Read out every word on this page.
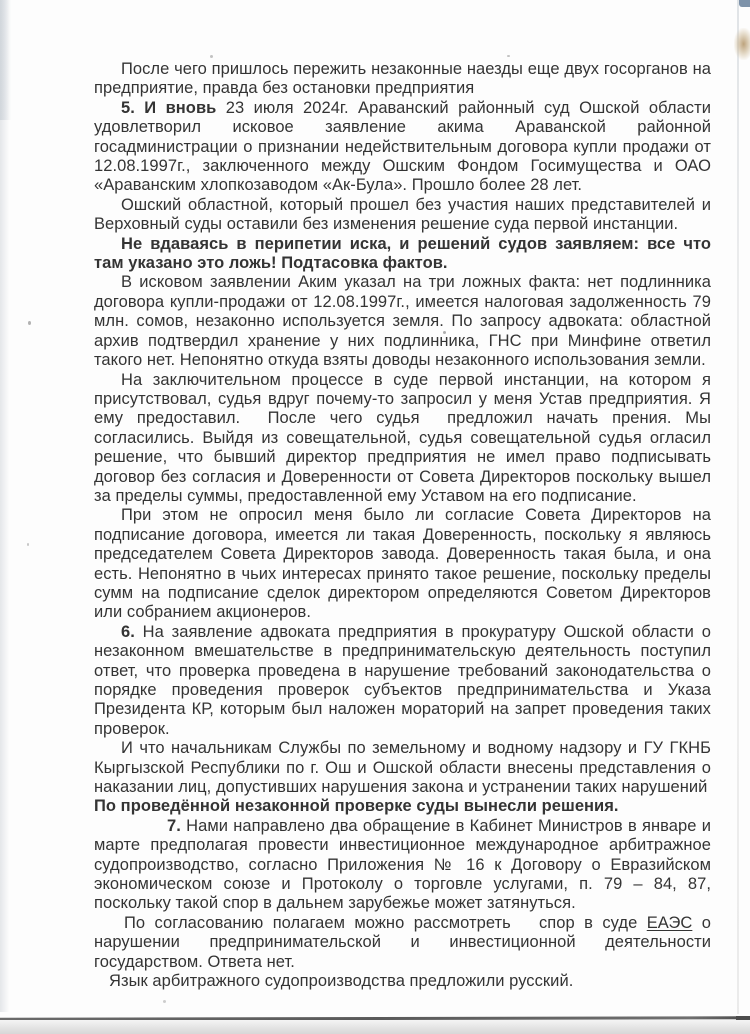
После чего пришлось пережить незаконные наезды еще двух госорганов на предприятие, правда без остановки предприятия

5. И вновь 23 июля 2024г. Араванский районный суд Ошской области удовлетворил исковое заявление акима Араванской районной госадминистрации о признании недействительным договора купли продажи от 12.08.1997г., заключенного между Ошским Фондом Госимущества и ОАО «Араванским хлопкозаводом «Ак-Була». Прошло более 28 лет.

Ошский областной, который прошел без участия наших представителей и Верховный суды оставили без изменения решение суда первой инстанции.

Не вдаваясь в перипетии иска, и решений судов заявляем: все что там указано это ложь! Подтасовка фактов.

В исковом заявлении Аким указал на три ложных факта: нет подлинника договора купли-продажи от 12.08.1997г., имеется налоговая задолженность 79 млн. сомов, незаконно используется земля. По запросу адвоката: областной архив подтвердил хранение у них подлинника, ГНС при Минфине ответил такого нет. Непонятно откуда взяты доводы незаконного использования земли.

На заключительном процессе в суде первой инстанции, на котором я присутствовал, судья вдруг почему-то запросил у меня Устав предприятия. Я ему предоставил.  После чего судья  предложил начать прения. Мы согласились. Выйдя из совещательной, судья совещательной судья огласил решение, что бывший директор предприятия не имел право подписывать договор без согласия и Доверенности от Совета Директоров поскольку вышел за пределы суммы, предоставленной ему Уставом на его подписание.

При этом не опросил меня было ли согласие Совета Директоров на подписание договора, имеется ли такая Доверенность, поскольку я являюсь председателем Совета Директоров завода. Доверенность такая была, и она есть. Непонятно в чьих интересах принято такое решение, поскольку пределы сумм на подписание сделок директором определяются Советом Директоров или собранием акционеров.

6. На заявление адвоката предприятия в прокуратуру Ошской области о незаконном вмешательстве в предпринимательскую деятельность поступил ответ, что проверка проведена в нарушение требований законодательства о порядке проведения проверок субъектов предпринимательства и Указа Президента КР, которым был наложен мораторий на запрет проведения таких проверок.

И что начальникам Службы по земельному и водному надзору и ГУ ГКНБ Кыргызской Республики по г. Ош и Ошской области внесены представления о наказании лиц, допустивших нарушения закона и устранении таких нарушений

По проведённой незаконной проверке суды вынесли решения.

7. Нами направлено два обращение в Кабинет Министров в январе и марте предполагая провести инвестиционное международное арбитражное судопроизводство, согласно Приложения № 16 к Договору о Евразийском экономическом союзе и Протоколу о торговле услугами, п. 79 – 84, 87, поскольку такой спор в дальнем зарубежье может затянуться.

По согласованию полагаем можно рассмотреть   спор в суде ЕАЭС о нарушении предпринимательской и инвестиционной деятельности государством. Ответа нет.

Язык арбитражного судопроизводства предложили русский.
